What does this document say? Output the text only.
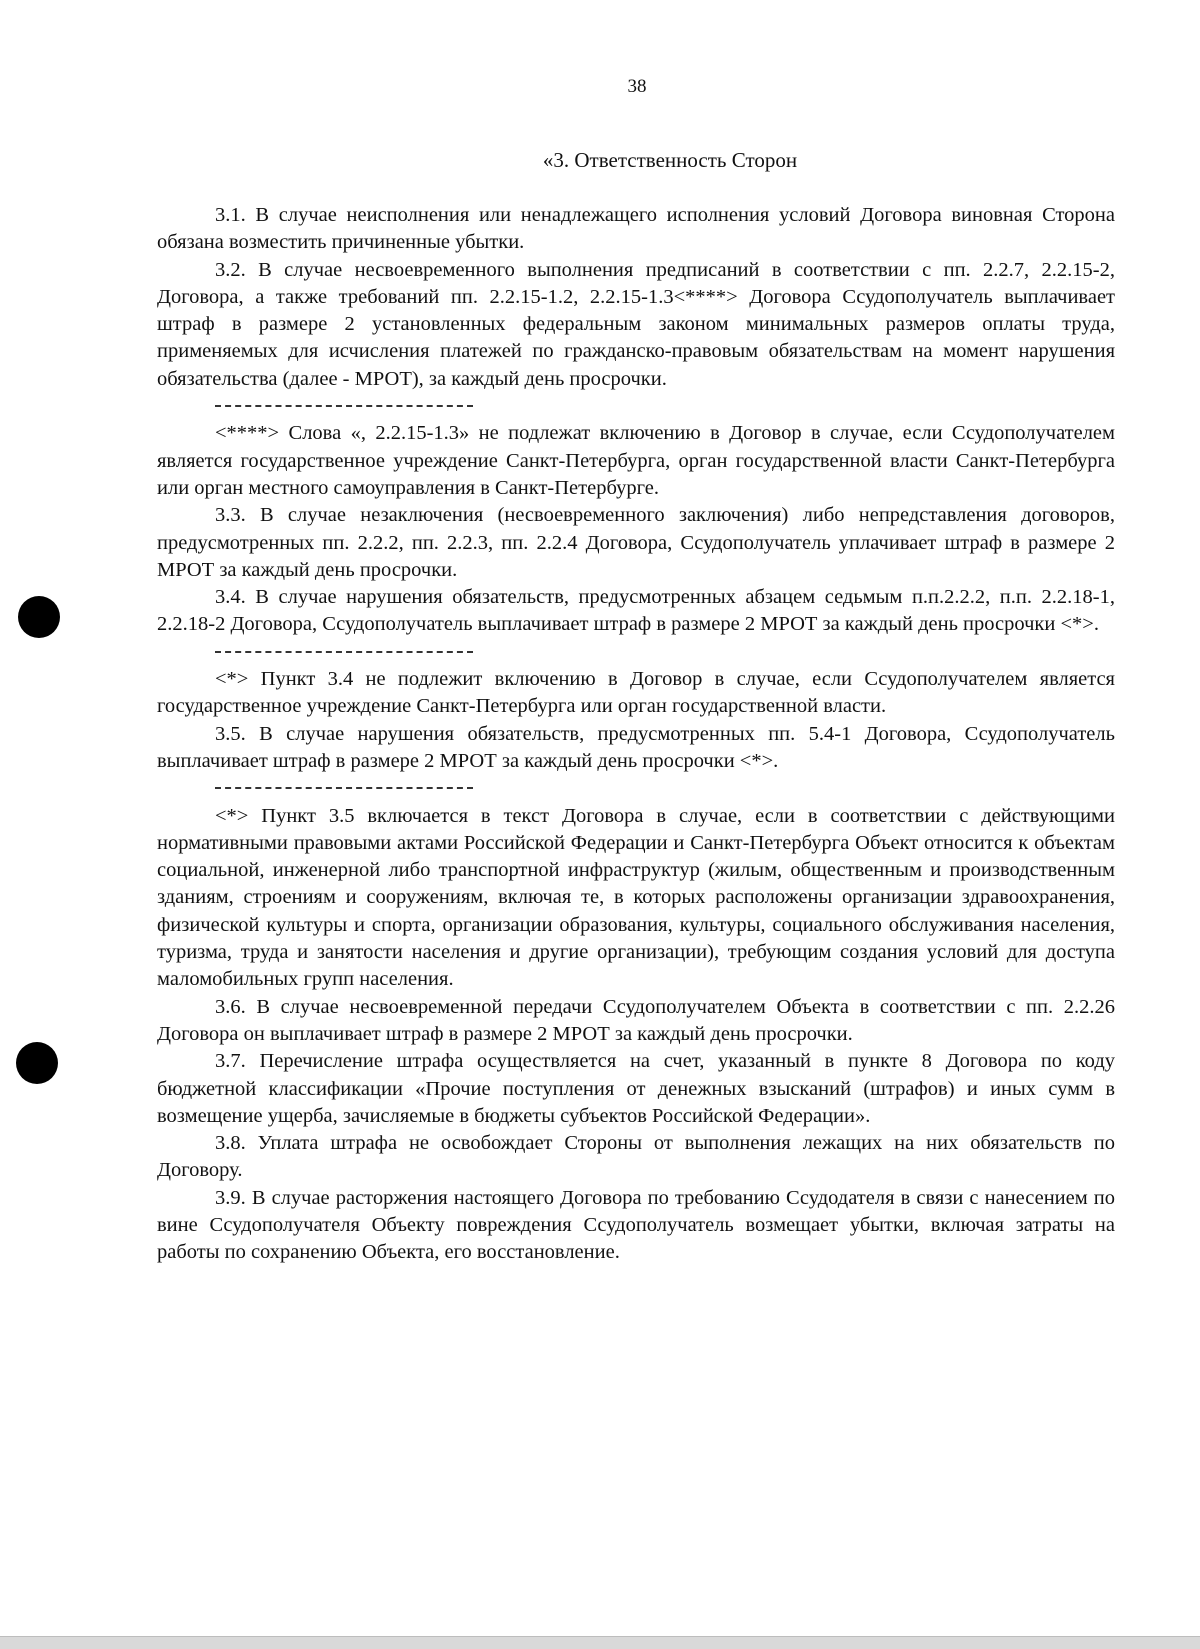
38
«3. Ответственность Сторон

3.1. В случае неисполнения или ненадлежащего исполнения условий Договора виновная Сторона обязана возместить причиненные убытки.

3.2. В случае несвоевременного выполнения предписаний в соответствии с пп. 2.2.7, 2.2.15-2, Договора, а также требований пп. 2.2.15-1.2, 2.2.15-1.3<****> Договора Ссудополучатель выплачивает штраф в размере 2 установленных федеральным законом минимальных размеров оплаты труда, применяемых для исчисления платежей по гражданско-правовым обязательствам на момент нарушения обязательства (далее - МРОТ), за каждый день просрочки.

<****> Слова «, 2.2.15-1.3» не подлежат включению в Договор в случае, если Ссудополучателем является государственное учреждение Санкт-Петербурга, орган государственной власти Санкт-Петербурга или орган местного самоуправления в Санкт-Петербурге.

3.3. В случае незаключения (несвоевременного заключения) либо непредставления договоров, предусмотренных пп. 2.2.2, пп. 2.2.3, пп. 2.2.4 Договора, Ссудополучатель уплачивает штраф в размере 2 МРОТ за каждый день просрочки.

3.4. В случае нарушения обязательств, предусмотренных абзацем седьмым п.п.2.2.2, п.п. 2.2.18-1, 2.2.18-2 Договора, Ссудополучатель выплачивает штраф в размере 2 МРОТ за каждый день просрочки <*>.

<*> Пункт 3.4 не подлежит включению в Договор в случае, если Ссудополучателем является государственное учреждение Санкт-Петербурга или орган государственной власти.

3.5. В случае нарушения обязательств, предусмотренных пп. 5.4-1 Договора, Ссудополучатель выплачивает штраф в размере 2 МРОТ за каждый день просрочки <*>.

<*> Пункт 3.5 включается в текст Договора в случае, если в соответствии с действующими нормативными правовыми актами Российской Федерации и Санкт-Петербурга Объект относится к объектам социальной, инженерной либо транспортной инфраструктур (жилым, общественным и производственным зданиям, строениям и сооружениям, включая те, в которых расположены организации здравоохранения, физической культуры и спорта, организации образования, культуры, социального обслуживания населения, туризма, труда и занятости населения и другие организации), требующим создания условий для доступа маломобильных групп населения.

3.6. В случае несвоевременной передачи Ссудополучателем Объекта в соответствии с пп. 2.2.26 Договора он выплачивает штраф в размере 2 МРОТ за каждый день просрочки.

3.7. Перечисление штрафа осуществляется на счет, указанный в пункте 8 Договора по коду бюджетной классификации «Прочие поступления от денежных взысканий (штрафов) и иных сумм в возмещение ущерба, зачисляемые в бюджеты субъектов Российской Федерации».

3.8. Уплата штрафа не освобождает Стороны от выполнения лежащих на них обязательств по Договору.

3.9. В случае расторжения настоящего Договора по требованию Ссудодателя в связи с нанесением по вине Ссудополучателя Объекту повреждения Ссудополучатель возмещает убытки, включая затраты на работы по сохранению Объекта, его восстановление.
